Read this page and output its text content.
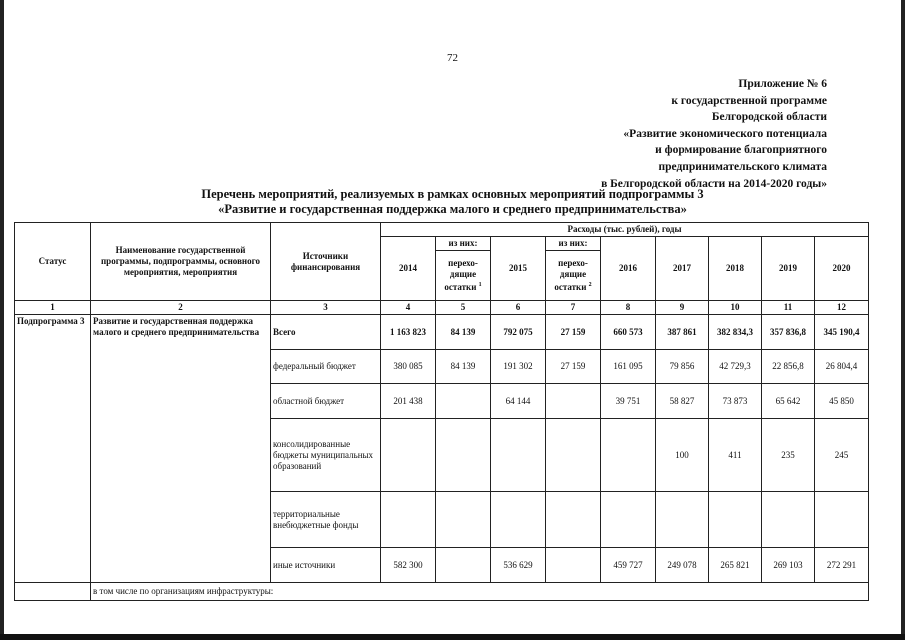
72
Приложение № 6
к государственной программе
Белгородской области
«Развитие экономического потенциала
и формирование благоприятного
предпринимательского климата
в Белгородской области на 2014-2020 годы»
Перечень мероприятий, реализуемых в рамках основных мероприятий подпрограммы 3
«Развитие и государственная поддержка малого и среднего предпринимательства»
Статус	Наименование государственной программы, подпрограммы, основного мероприятия, мероприятия	Источники финансирования	Расходы (тыс. рублей), годы								
			2014	из них:	2015	из них:	2016	2017	2018	2019	2020
				перехо-дящие остатки $^1$		перехо-дящие остатки $^2$
1	2	3	4	5	6	7	8	9	10	11	12
Подпрограмма 3	Развитие и государственная поддержка малого и среднего предпринимательства	Всего	1 163 823	84 139	792 075	27 159	660 573	387 861	382 834,3	357 836,8	345 190,4
		федеральный бюджет	380 085	84 139	191 302	27 159	161 095	79 856	42 729,3	22 856,8	26 804,4
		областной бюджет	201 438		64 144		39 751	58 827	73 873	65 642	45 850
		консолидированные бюджеты муниципальных образований						100	411	235	245
		территориальные внебюджетные фонды									
		иные источники	582 300		536 629		459 727	249 078	265 821	269 103	272 291
	в том числе по организациям инфраструктуры:										
